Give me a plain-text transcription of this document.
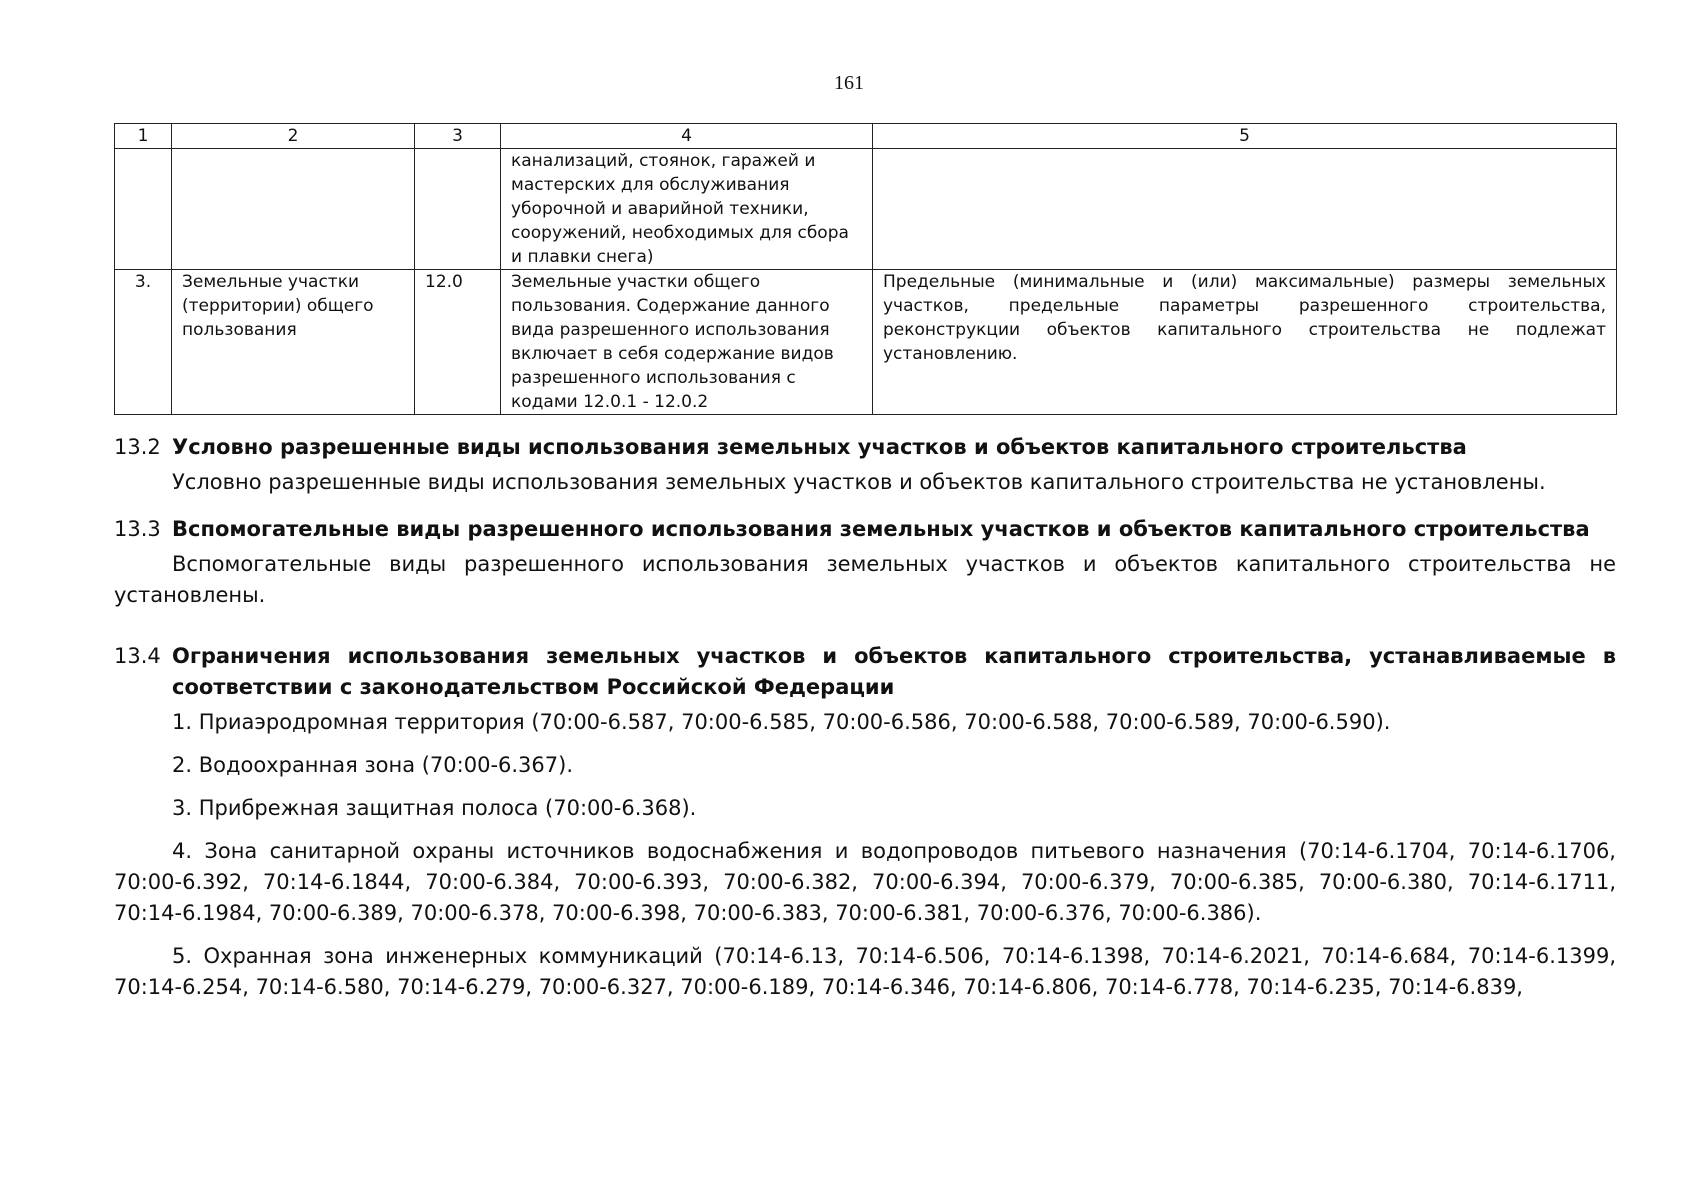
161
1	2	3	4	5
			канализаций, стоянок, гаражей и мастерских для обслуживания уборочной и аварийной техники, сооружений, необходимых для сбора и плавки снега)	
3.	Земельные участки (территории) общего пользования	12.0	Земельные участки общего пользования. Содержание данного вида разрешенного использования включает в себя содержание видов разрешенного использования с кодами 12.0.1 - 12.0.2	Предельные (минимальные и (или) максимальные) размеры земельных участков, предельные параметры разрешенного строительства, реконструкции объектов капитального строительства не подлежат установлению.
13.2 Условно разрешенные виды использования земельных участков и объектов капитального строительства

Условно разрешенные виды использования земельных участков и объектов капитального строительства не установлены.

13.3 Вспомогательные виды разрешенного использования земельных участков и объектов капитального строительства

Вспомогательные виды разрешенного использования земельных участков и объектов капитального строительства не установлены.

13.4 Ограничения использования земельных участков и объектов капитального строительства, устанавливаемые в соответствии с законодательством Российской Федерации

1. Приаэродромная территория (70:00-6.587, 70:00-6.585, 70:00-6.586, 70:00-6.588, 70:00-6.589, 70:00-6.590).

2. Водоохранная зона (70:00-6.367).

3. Прибрежная защитная полоса (70:00-6.368).

4. Зона санитарной охраны источников водоснабжения и водопроводов питьевого назначения (70:14-6.1704, 70:14-6.1706, 70:00-6.392, 70:14-6.1844, 70:00-6.384, 70:00-6.393, 70:00-6.382, 70:00-6.394, 70:00-6.379, 70:00-6.385, 70:00-6.380, 70:14-6.1711, 70:14-6.1984, 70:00-6.389, 70:00-6.378, 70:00-6.398, 70:00-6.383, 70:00-6.381, 70:00-6.376, 70:00-6.386).

5. Охранная зона инженерных коммуникаций (70:14-6.13, 70:14-6.506, 70:14-6.1398, 70:14-6.2021, 70:14-6.684, 70:14-6.1399, 70:14-6.254, 70:14-6.580, 70:14-6.279, 70:00-6.327, 70:00-6.189, 70:14-6.346, 70:14-6.806, 70:14-6.778, 70:14-6.235, 70:14-6.839,
